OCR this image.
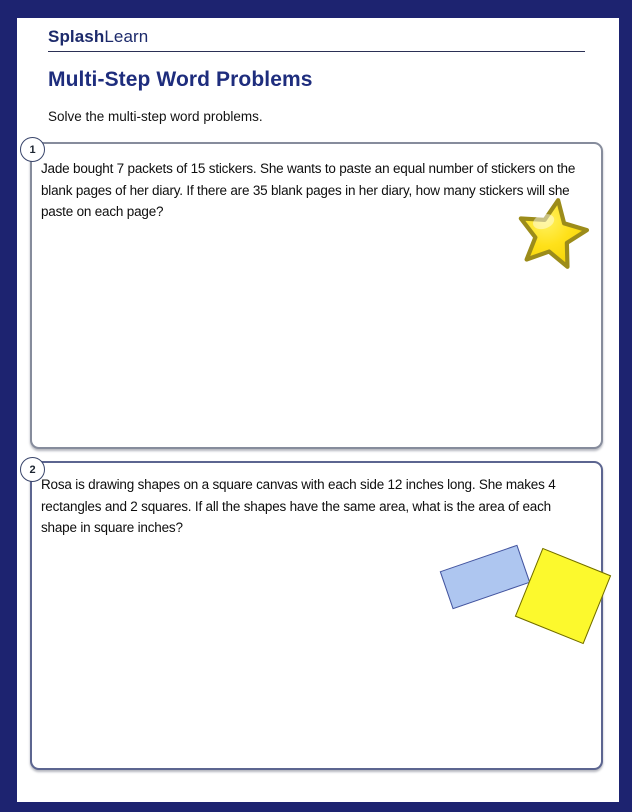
SplashLearn
Multi-Step Word Problems

Solve the multi-step word problems.

1

Jade bought 7 packets of 15 stickers. She wants to paste an equal number of stickers on the blank pages of her diary. If there are 35 blank pages in her diary, how many stickers will she paste on each page?

2

Rosa is drawing shapes on a square canvas with each side 12 inches long. She makes 4 rectangles and 2 squares. If all the shapes have the same area, what is the area of each shape in square inches?
